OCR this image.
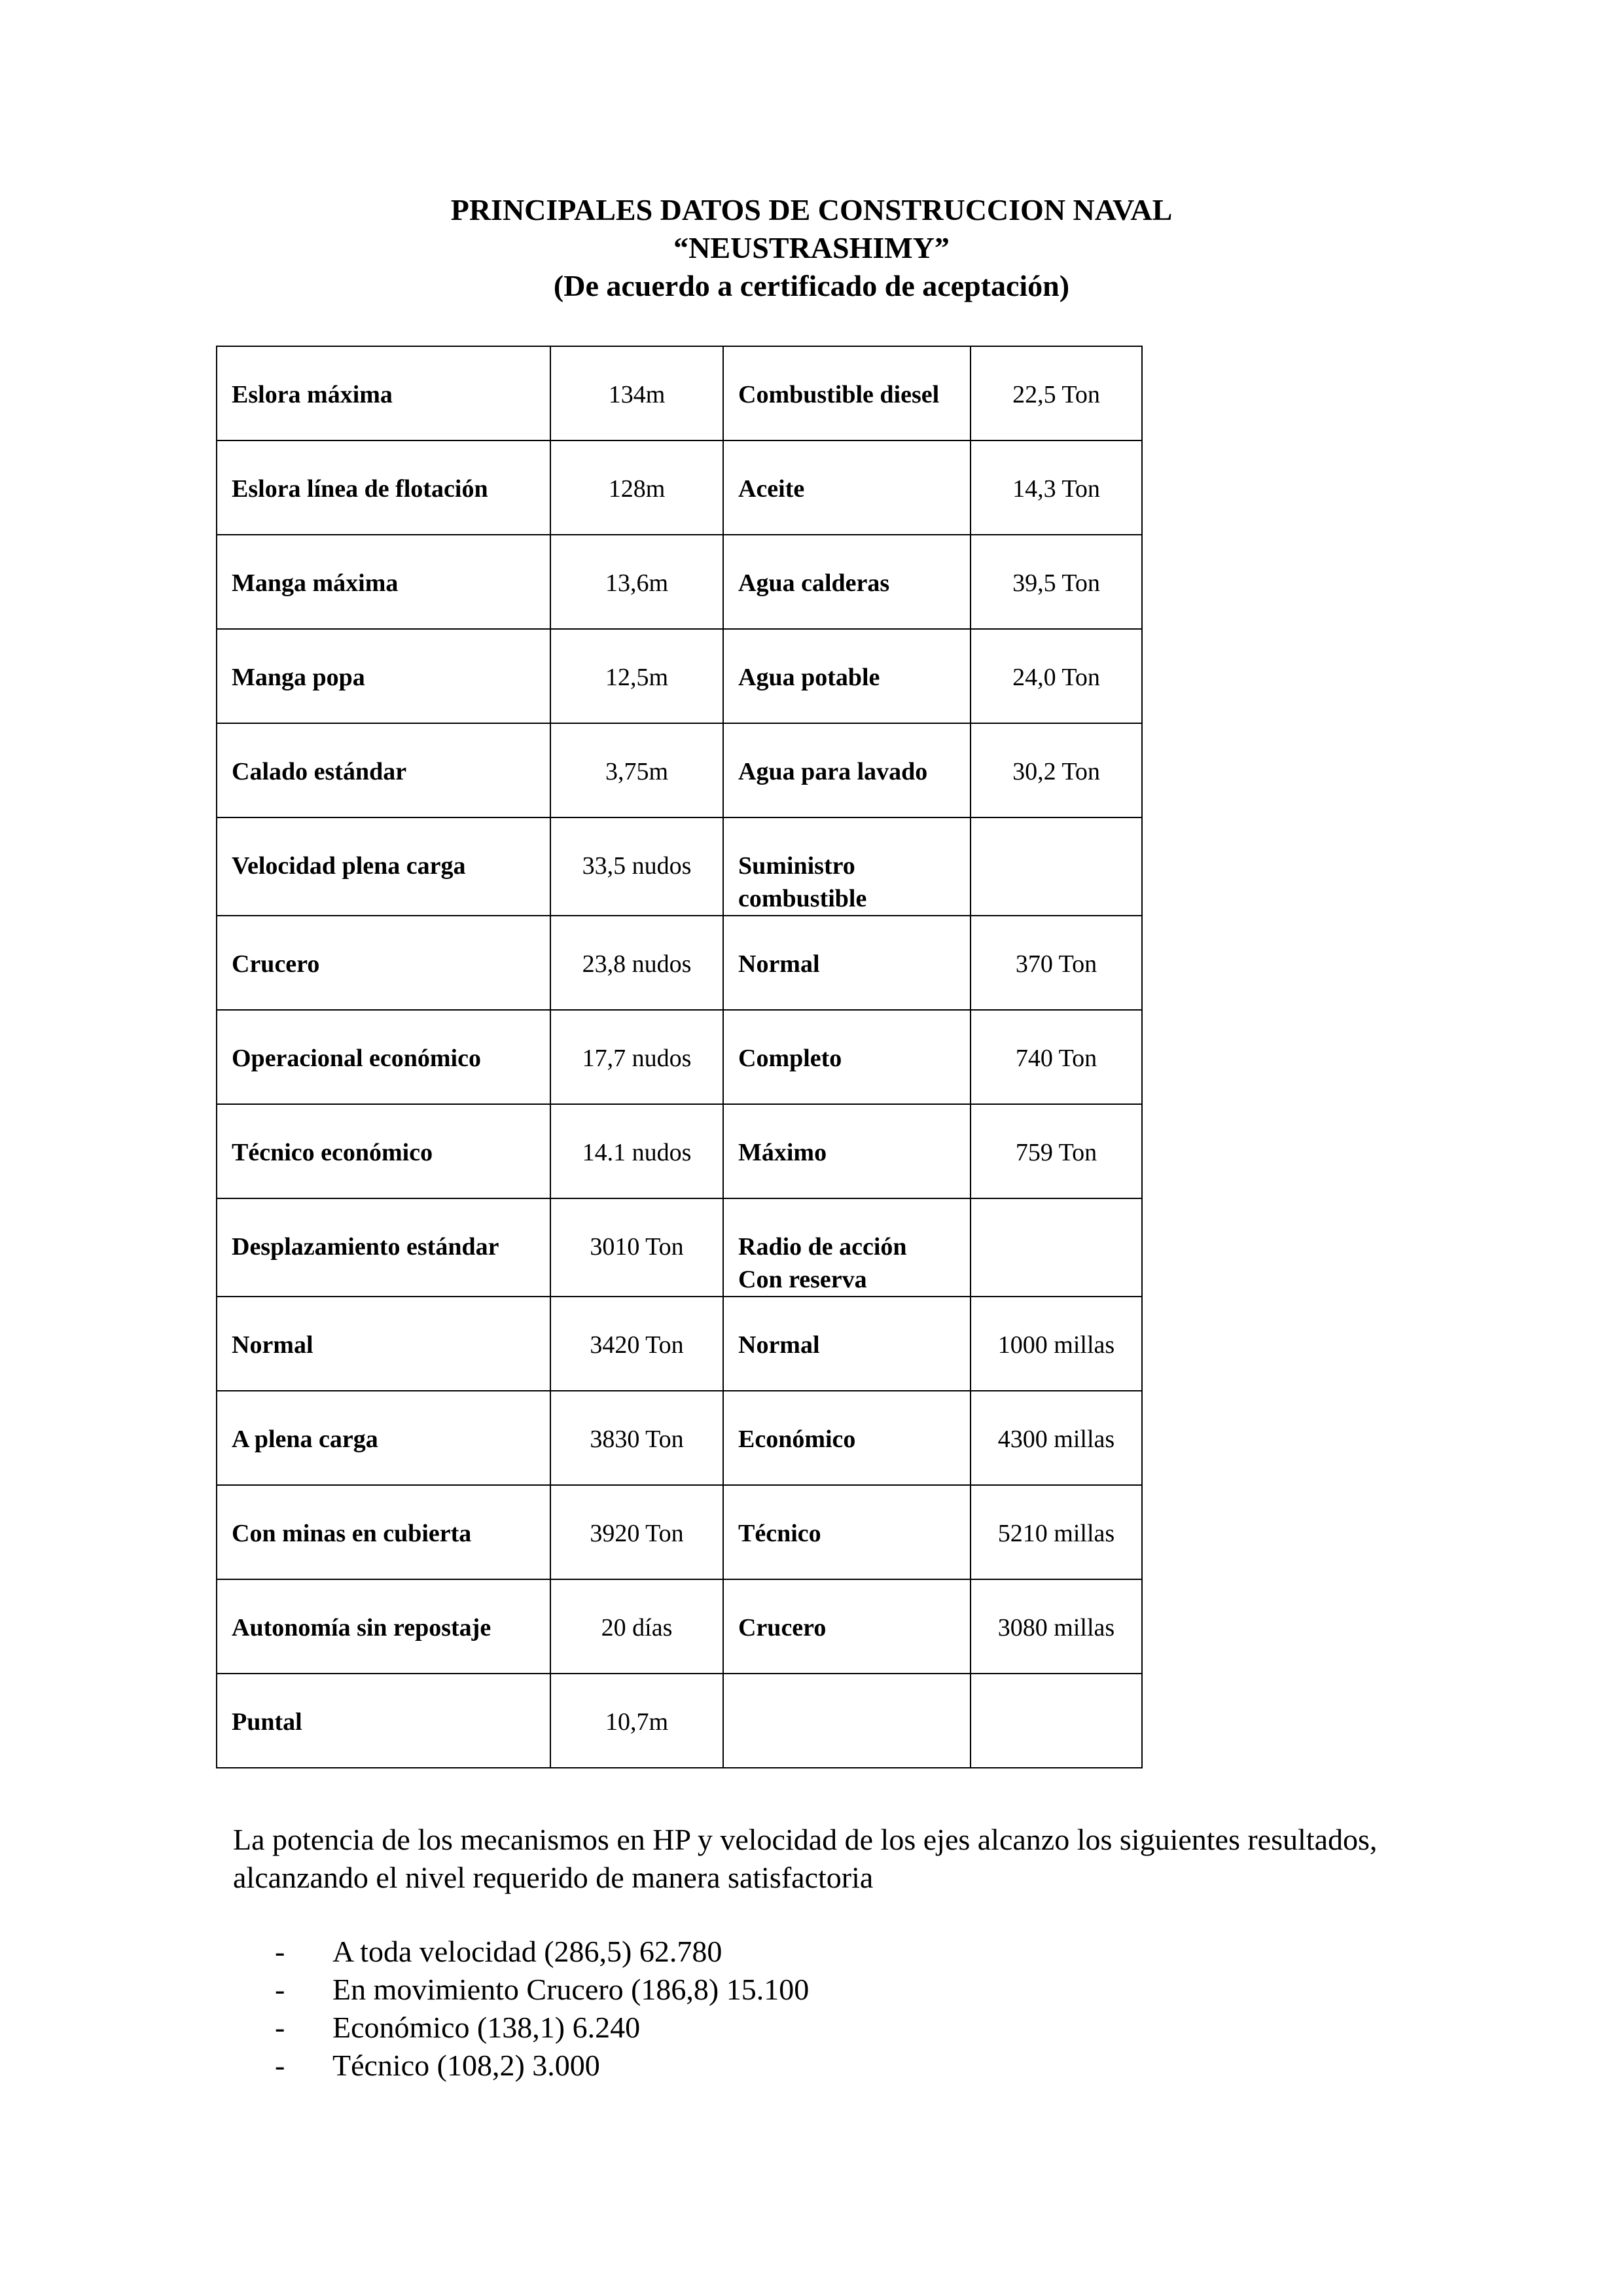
PRINCIPALES DATOS DE CONSTRUCCION NAVAL
“NEUSTRASHIMY”
(De acuerdo a certificado de aceptación)
Eslora máxima	134m	Combustible diesel	22,5 Ton
Eslora línea de flotación	128m	Aceite	14,3 Ton
Manga máxima	13,6m	Agua calderas	39,5 Ton
Manga popa	12,5m	Agua potable	24,0 Ton
Calado estándar	3,75m	Agua para lavado	30,2 Ton
Velocidad plena carga	33,5 nudos	Suministro combustible	
Crucero	23,8 nudos	Normal	370 Ton
Operacional económico	17,7 nudos	Completo	740 Ton
Técnico económico	14.1 nudos	Máximo	759 Ton
Desplazamiento estándar	3010 Ton	Radio de acción
Con reserva	
Normal	3420 Ton	Normal	1000 millas
A plena carga	3830 Ton	Económico	4300 millas
Con minas en cubierta	3920 Ton	Técnico	5210 millas
Autonomía sin repostaje	20 días	Crucero	3080 millas
Puntal	10,7m		
La potencia de los mecanismos en HP y velocidad de los ejes alcanzo los siguientes resultados, alcanzando el nivel requerido de manera satisfactoria
- A toda velocidad (286,5) 62.780
- En movimiento Crucero (186,8) 15.100
- Económico (138,1) 6.240
- Técnico (108,2) 3.000
